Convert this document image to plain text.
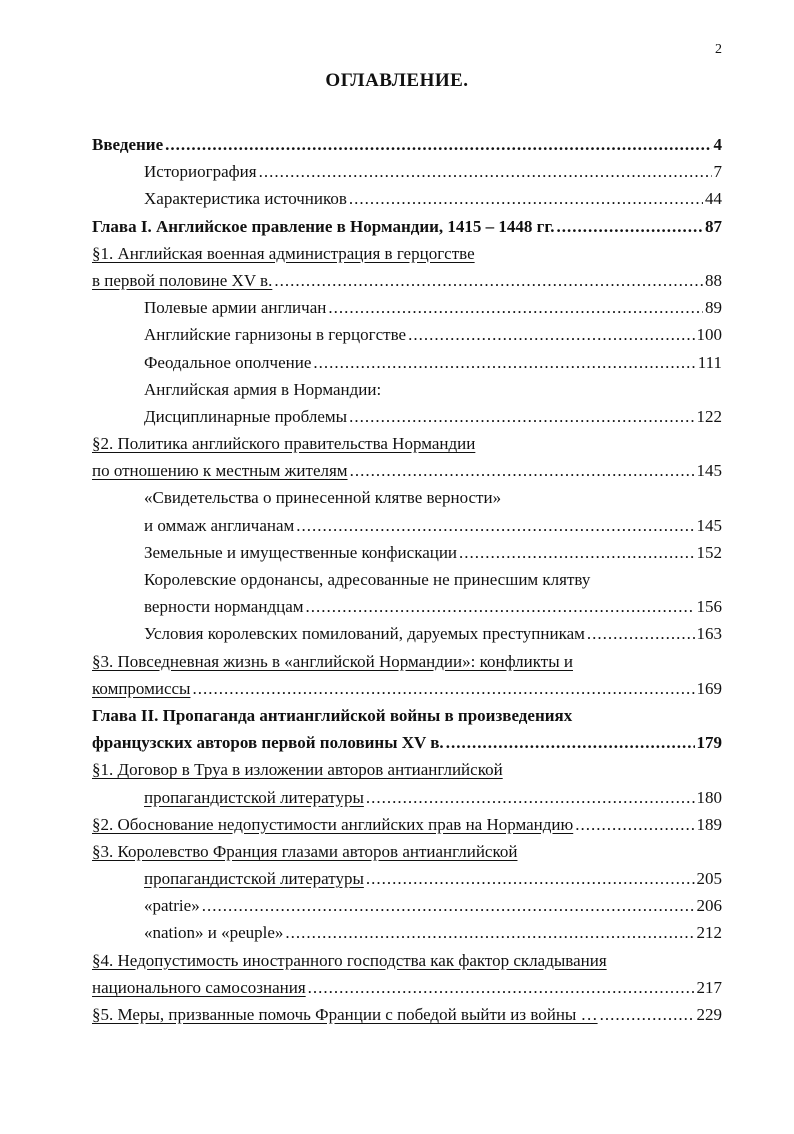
2
ОГЛАВЛЕНИЕ.
Введение .....	4
Историография .....	7
Характеристика источников .....	44
Глава I. Английское правление в Нормандии, 1415 – 1448 гг. .....	87
§1. Английская военная администрация в герцогстве
в первой половине XV в. .....	88
Полевые армии англичан .....	89
Английские гарнизоны в герцогстве .....	100
Феодальное ополчение .....	111
Английская армия в Нормандии:
Дисциплинарные проблемы .....	122
§2. Политика английского правительства Нормандии
по отношению к местным жителям .....	145
«Свидетельства о принесенной клятве верности»
и оммаж англичанам .....	145
Земельные и имущественные конфискации .....	152
Королевские ордонансы, адресованные не принесшим клятву
верности нормандцам .....	156
Условия королевских помилований, даруемых преступникам .....	163
§3. Повседневная жизнь в «английской Нормандии»: конфликты и
компромиссы .....	169
Глава II. Пропаганда антианглийской войны в произведениях
французских авторов первой половины XV в. .....	179
§1. Договор в Труа в изложении авторов антианглийской
пропагандистской литературы .....	180
§2. Обоснование недопустимости английских прав на Нормандию .....	189
§3. Королевство Франция глазами авторов антианглийской
пропагандистской литературы .....	205
«patrie» .....	206
«nation» и «peuple» .....	212
§4. Недопустимость иностранного господства как фактор складывания
национального самосознания .....	217
§5. Меры, призванные помочь Франции с победой выйти из войны … .....	229
